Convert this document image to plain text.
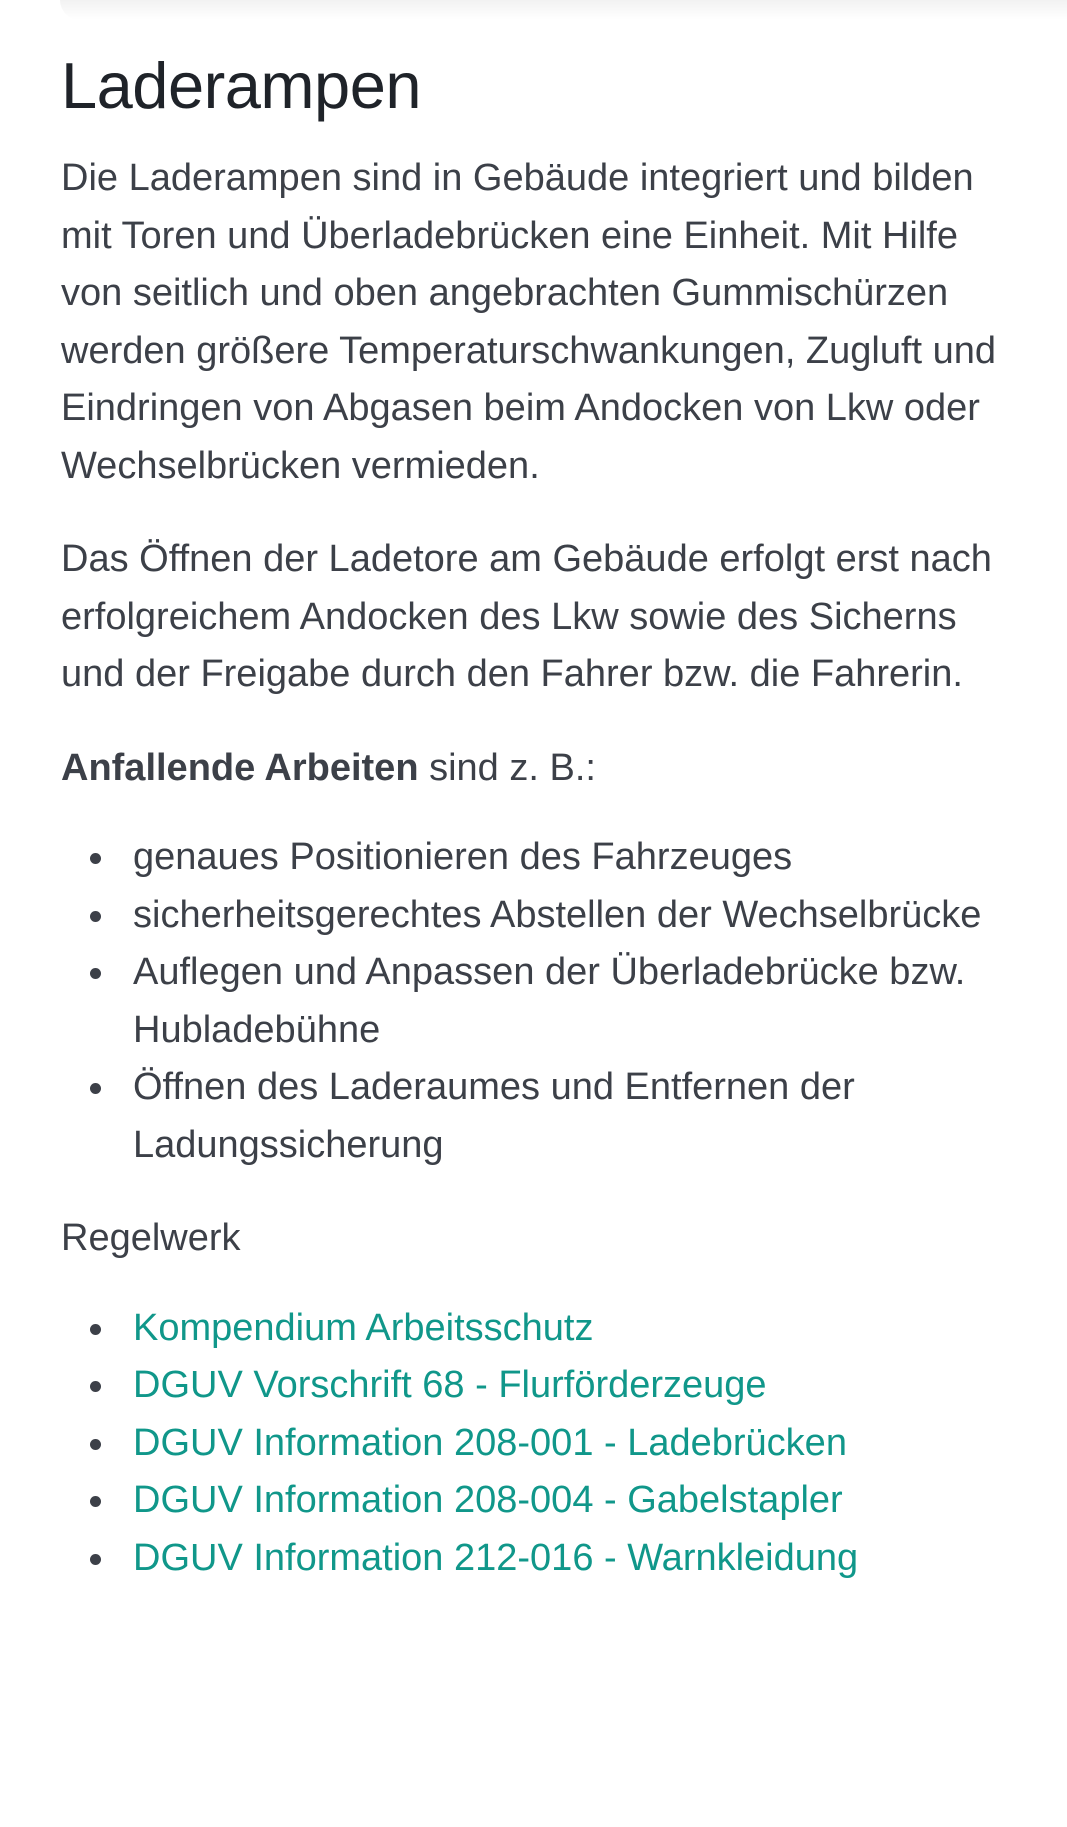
Laderampen

Die Laderampen sind in Gebäude integriert und bilden mit Toren und Überladebrücken eine Einheit. Mit Hilfe von seitlich und oben angebrachten Gummischürzen werden größere Temperaturschwankungen, Zugluft und Eindringen von Abgasen beim Andocken von Lkw oder Wechselbrücken vermieden.

Das Öffnen der Ladetore am Gebäude erfolgt erst nach erfolgreichem Andocken des Lkw sowie des Sicherns und der Freigabe durch den Fahrer bzw. die Fahrerin.

Anfallende Arbeiten sind z. B.:

genaues Positionieren des Fahrzeuges
sicherheitsgerechtes Abstellen der Wechselbrücke
Auflegen und Anpassen der Überladebrücke bzw. Hubladebühne
Öffnen des Laderaumes und Entfernen der Ladungssicherung

Regelwerk

Kompendium Arbeitsschutz
DGUV Vorschrift 68 - Flurförderzeuge
DGUV Information 208-001 - Ladebrücken
DGUV Information 208-004 - Gabelstapler
DGUV Information 212-016 - Warnkleidung
